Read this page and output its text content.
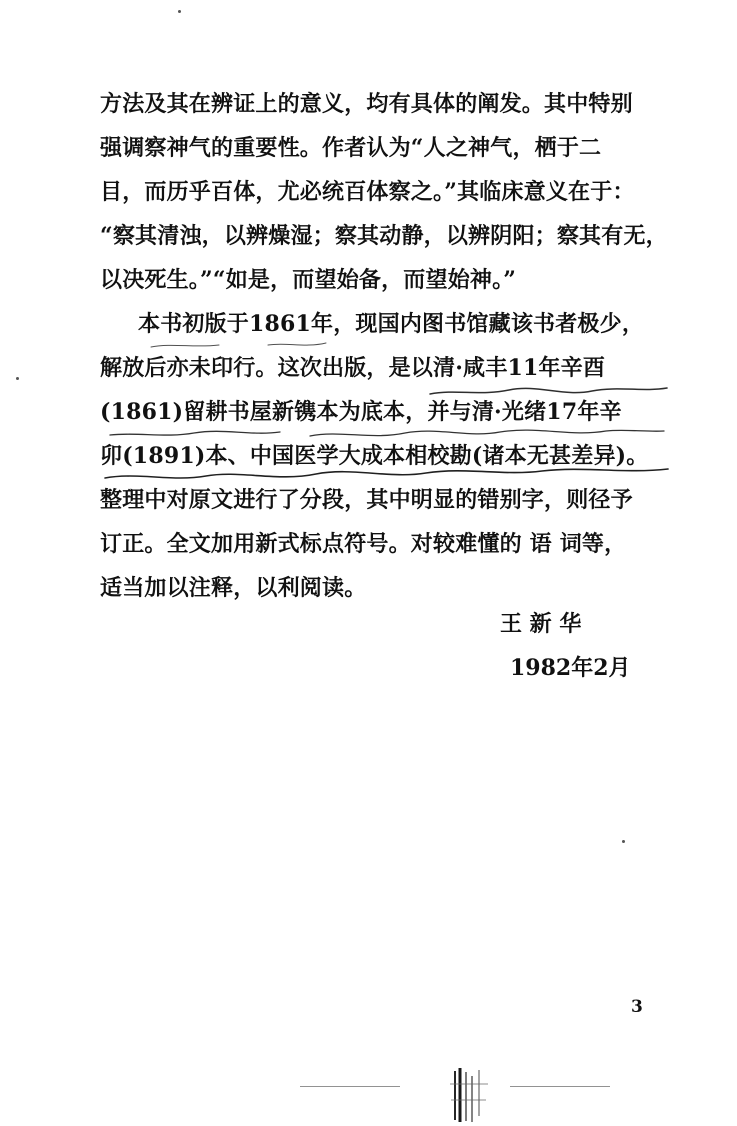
方法及其在辨证上的意义，均有具体的阐发。其中特别
强调察神气的重要性。作者认为“人之神气，栖于二
目，而历乎百体，尤必统百体察之。”其临床意义在于：
“察其清浊，以辨燥湿；察其动静，以辨阴阳；察其有无，
以决死生。”“如是，而望始备，而望始神。”
本书初版于1861年，现国内图书馆藏该书者极少，
解放后亦未印行。这次出版，是以清·咸丰11年辛酉
(1861)留耕书屋新镌本为底本，并与清·光绪17年辛
卯(1891)本、中国医学大成本相校勘(诸本无甚差异)。
整理中对原文进行了分段，其中明显的错别字，则径予
订正。全文加用新式标点符号。对较难懂的 语 词等，
适当加以注释，以利阅读。
王 新 华
1982年2月
3
